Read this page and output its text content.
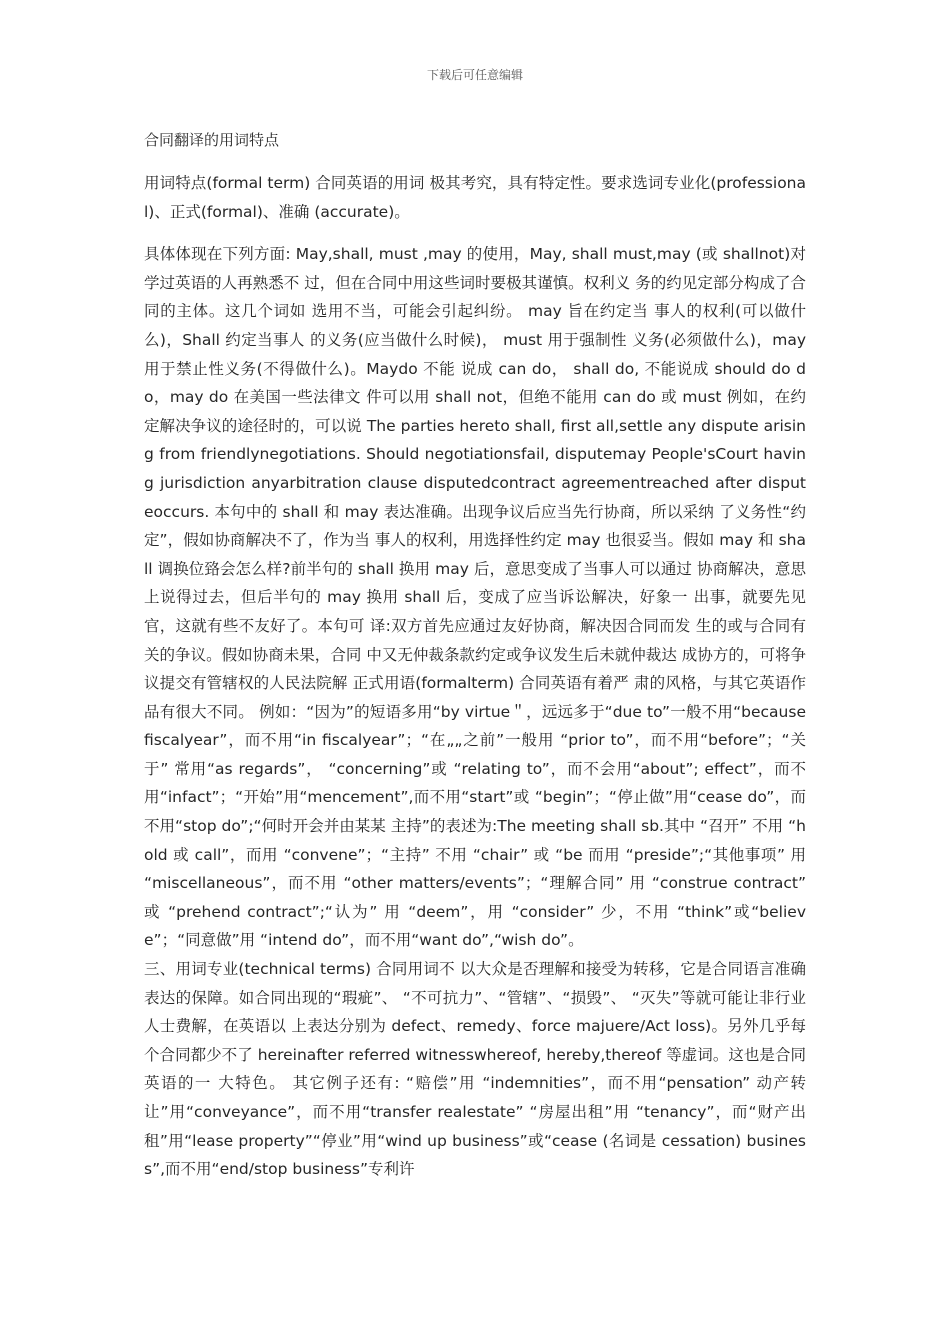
下载后可任意编辑

合同翻译的用词特点

用词特点(formal term) 合同英语的用词 极其考究，具有特定性。要求选词专业化(professional)、正式(formal)、准确 (accurate)。

具体体现在下列方面: May,shall, must ,may 的使用，May, shall must,may (或 shallnot)对学过英语的人再熟悉不 过，但在合同中用这些词时要极其谨慎。权利义 务的约见定部分构成了合同的主体。这几个词如 选用不当，可能会引起纠纷。 may 旨在约定当 事人的权利(可以做什么)，Shall 约定当事人 的义务(应当做什么时候)， must 用于强制性 义务(必须做什么)，may 用于禁止性义务(不得做什么)。Maydo 不能 说成 can do， shall do, 不能说成 should do do，may do 在美国一些法律文 件可以用 shall not，但绝不能用 can do 或 must 例如，在约定解决争议的途径时的，可以说 The parties hereto shall, first all,settle any dispute arising from friendlynegotiations. Should negotiationsfail, disputemay People'sCourt having jurisdiction anyarbitration clause disputedcontract agreementreached after disputeoccurs. 本句中的 shall 和 may 表达准确。出现争议后应当先行协商，所以采纳 了义务性“约定”，假如协商解决不了，作为当 事人的权利，用选择性约定 may 也很妥当。假如 may 和 shall 调换位臵会怎么样?前半句的 shall 换用 may 后，意思变成了当事人可以通过 协商解决，意思上说得过去，但后半句的 may 换用 shall 后，变成了应当诉讼解决，好象一 出事，就要先见官，这就有些不友好了。本句可 译:双方首先应通过友好协商，解决因合同而发 生的或与合同有关的争议。假如协商未果，合同 中又无仲裁条款约定或争议发生后未就仲裁达 成协方的，可将争议提交有管辖权的人民法院解 正式用语(formalterm) 合同英语有着严 肃的风格，与其它英语作品有很大不同。 例如：“因为”的短语多用“by virtue＂，远远多于“due to”一般不用“because fiscalyear”，而不用“in fiscalyear”；“在„„之前”一般用 “prior to”，而不用“before”；“关于” 常用“as regards”， “concerning”或 “relating to”，而不会用“about”; effect”，而不用“infact”；“开始”用“mencement”,而不用“start”或 “begin”；“停止做”用“cease do”，而不用“stop do”;“何时开会并由某某 主持”的表述为:The meeting shall sb.其中 “召开” 不用 “hold 或 call”，而用 “convene”；“主持” 不用 “chair” 或 “be 而用 “preside”;“其他事项” 用 “miscellaneous”，而不用 “other matters/events”；“理解合同” 用 “construe contract” 或 “prehend contract”;“认为” 用 “deem”，用 “consider” 少，不用 “think”或“believe”；“同意做”用 “intend do”，而不用“want do”,“wish do”。

三、用词专业(technical terms) 合同用词不 以大众是否理解和接受为转移，它是合同语言准确表达的保障。如合同出现的“瑕疵”、 “不可抗力”、“管辖”、“损毁”、 “灭失”等就可能让非行业人士费解，在英语以 上表达分别为 defect、remedy、force majuere/Act loss)。另外几乎每个合同都少不了 hereinafter referred witnesswhereof, hereby,thereof 等虚词。这也是合同英语的一 大特色。 其它例子还有: “赔偿”用 “indemnities”，而不用“pensation” 动产转让”用“conveyance”，而不用“transfer realestate” “房屋出租”用 “tenancy”，而“财产出租”用“lease property”“停业”用“wind up business”或“cease (名词是 cessation) business”,而不用“end/stop business”专利许
